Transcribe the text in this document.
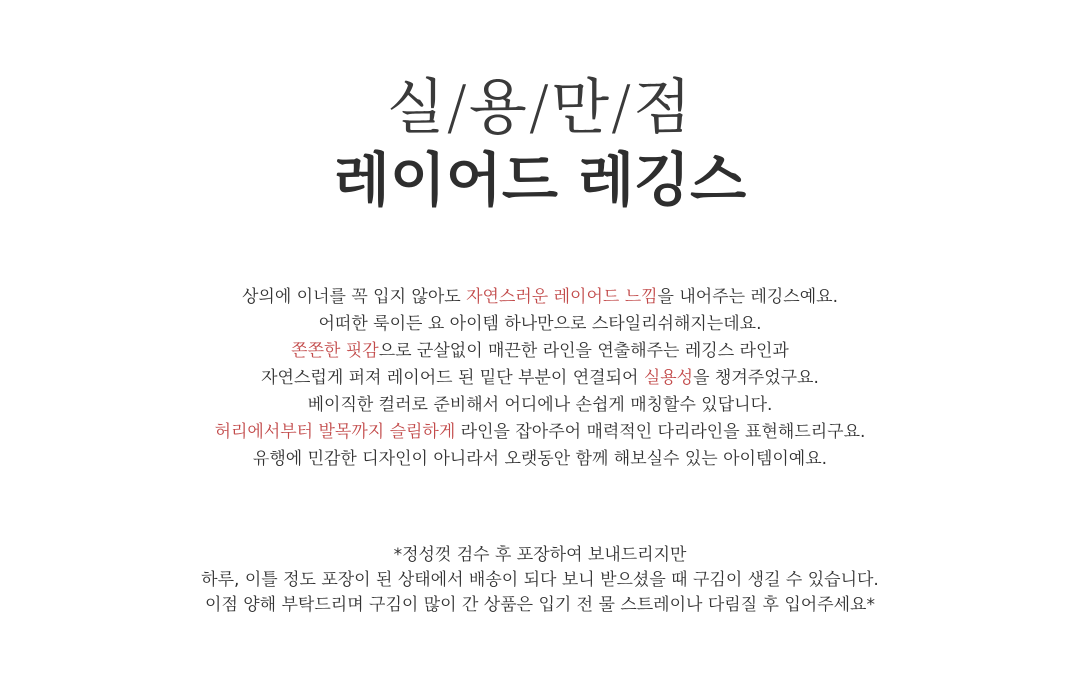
실/용/만/점
레이어드 레깅스
상의에 이너를 꼭 입지 않아도 자연스러운 레이어드 느낌을 내어주는 레깅스예요.
어떠한 룩이든 요 아이템 하나만으로 스타일리쉬해지는데요.
쫀쫀한 핏감으로 군살없이 매끈한 라인을 연출해주는 레깅스 라인과
자연스럽게 퍼져 레이어드 된 밑단 부분이 연결되어 실용성을 챙겨주었구요.
베이직한 컬러로 준비해서 어디에나 손쉽게 매칭할수 있답니다.
허리에서부터 발목까지 슬림하게 라인을 잡아주어 매력적인 다리라인을 표현해드리구요.
유행에 민감한 디자인이 아니라서 오랫동안 함께 해보실수 있는 아이템이예요.
*정성껏 검수 후 포장하여 보내드리지만
하루, 이틀 정도 포장이 된 상태에서 배송이 되다 보니 받으셨을 때 구김이 생길 수 있습니다.
이점 양해 부탁드리며 구김이 많이 간 상품은 입기 전 물 스트레이나 다림질 후 입어주세요*
